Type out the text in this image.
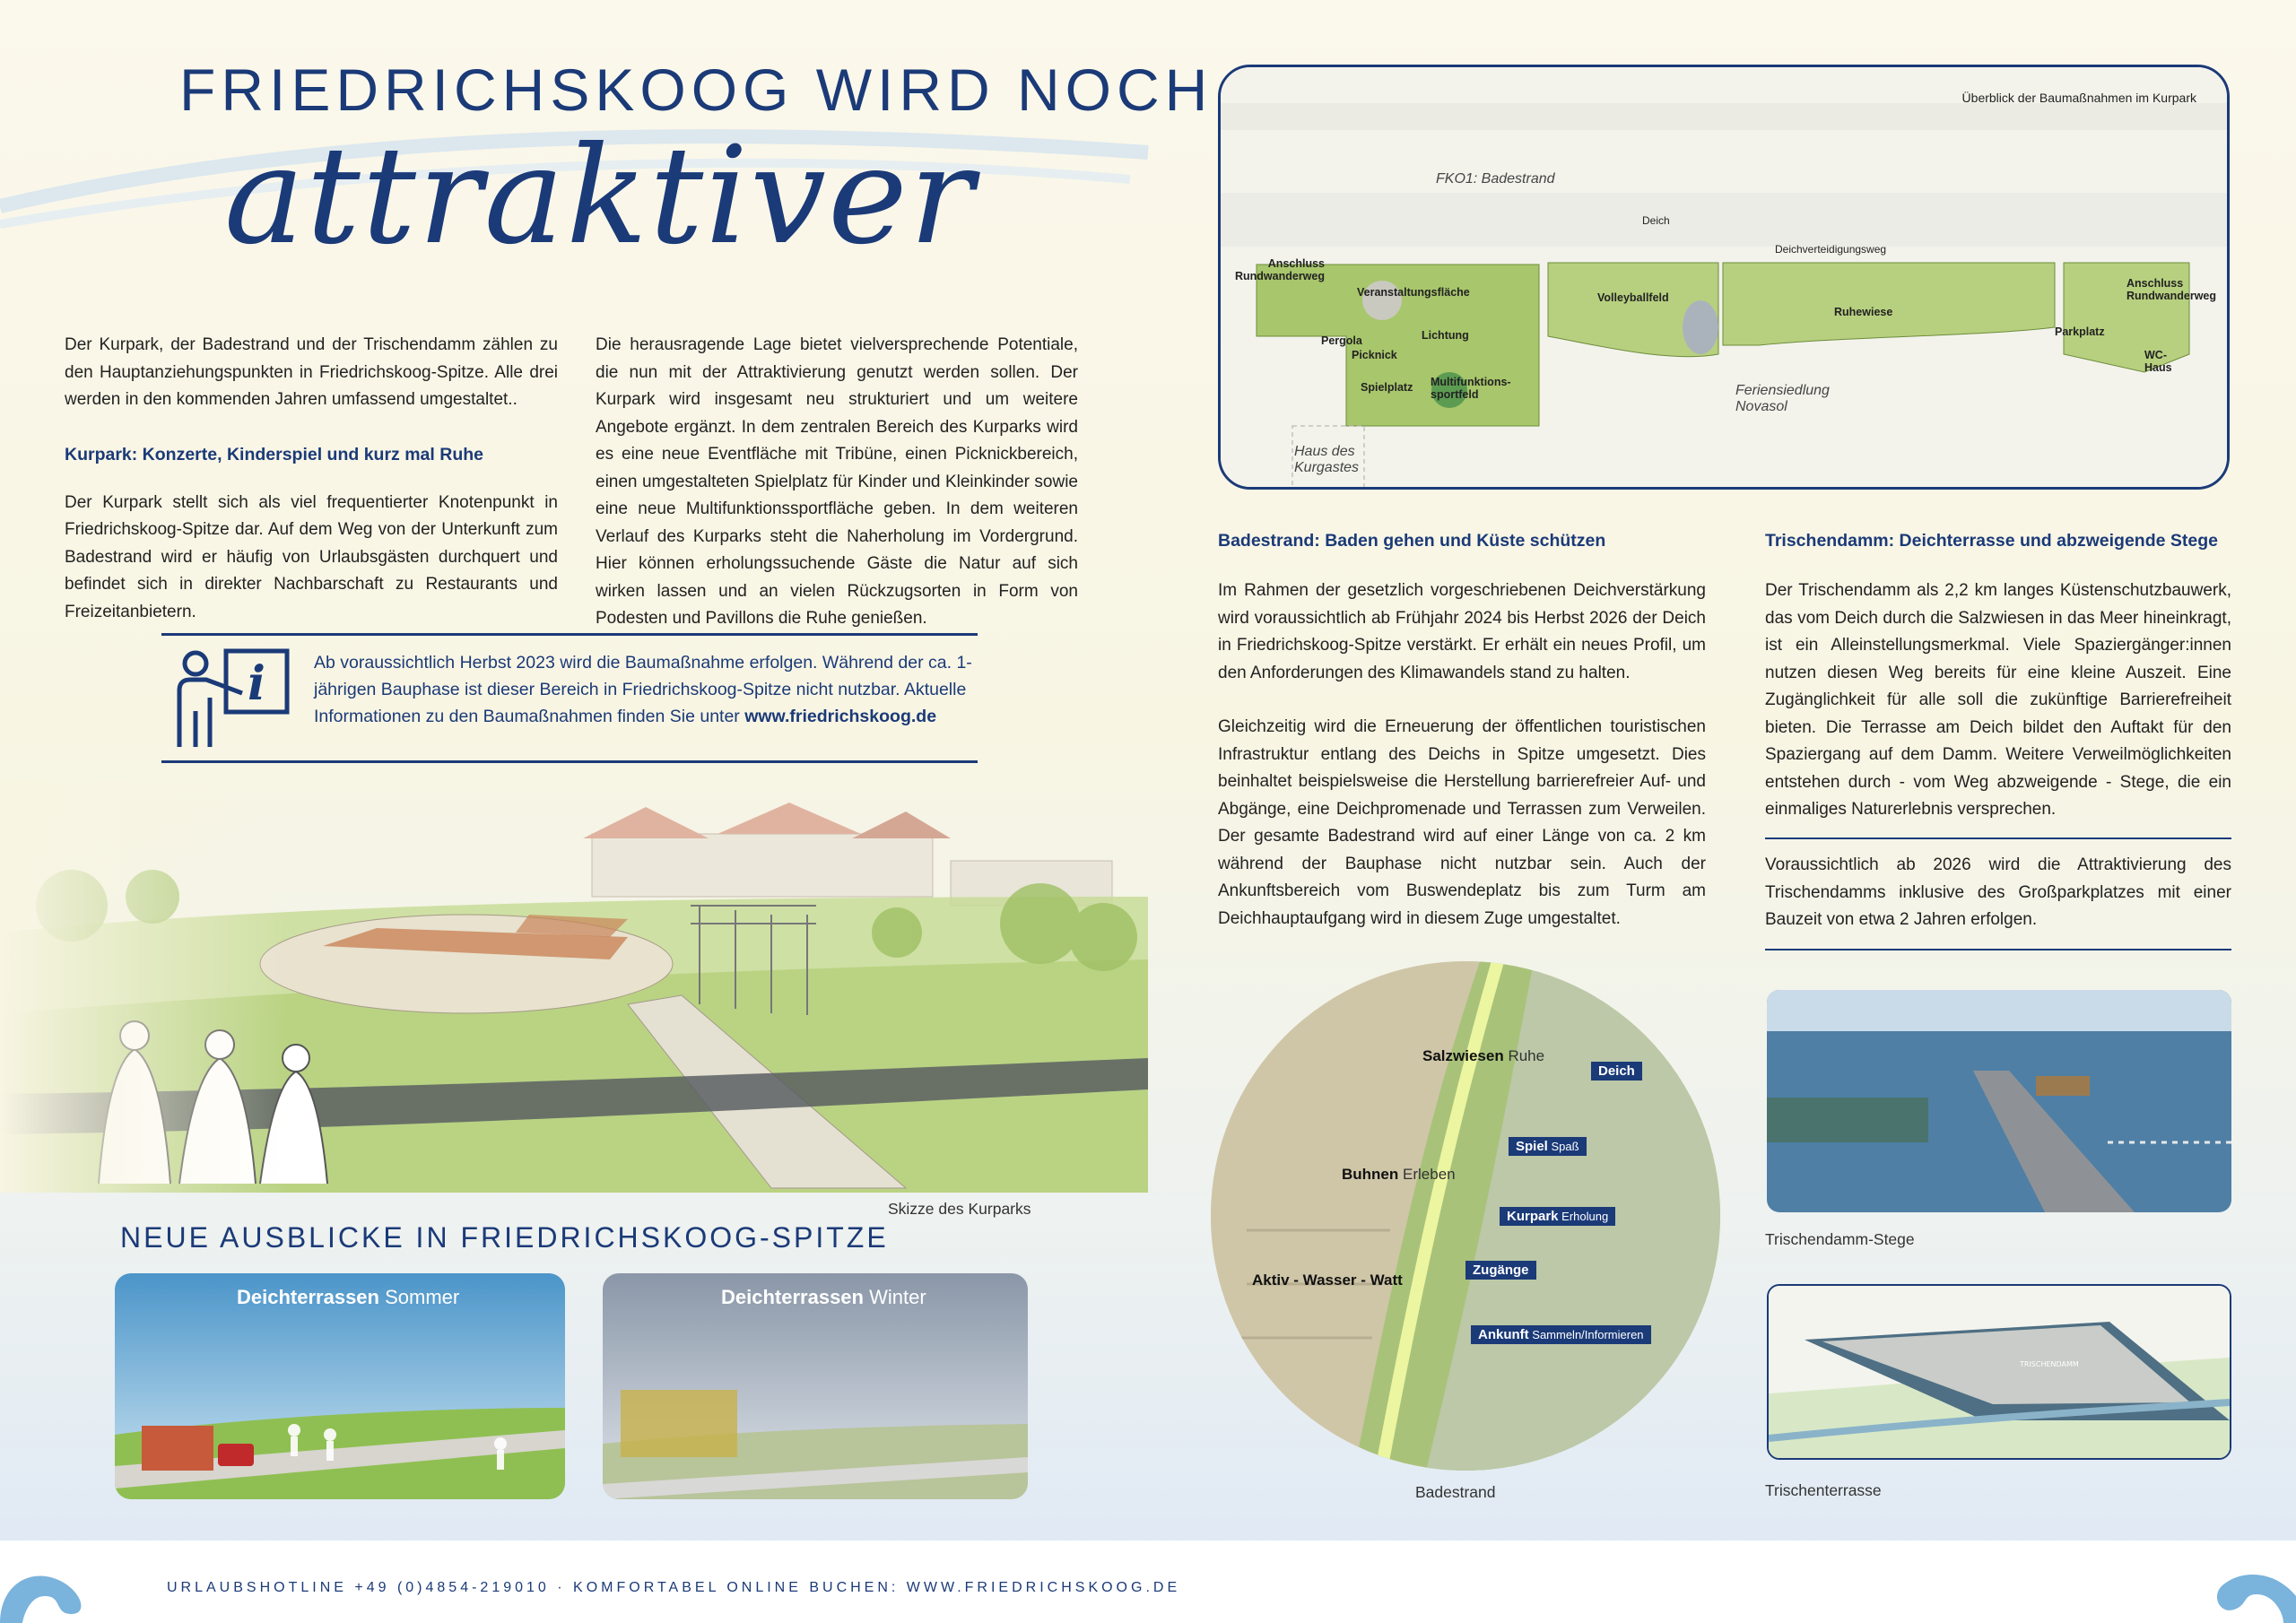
FRIEDRICHSKOOG WIRD NOCH
attraktiver

Der Kurpark, der Badestrand und der Trischendamm zählen zu den Hauptanziehungspunkten in Friedrichskoog-Spitze. Alle drei werden in den kommenden Jahren umfassend umgestaltet..

Kurpark: Konzerte, Kinderspiel und kurz mal Ruhe

Der Kurpark stellt sich als viel frequentierter Knotenpunkt in Friedrichskoog-Spitze dar. Auf dem Weg von der Unterkunft zum Badestrand wird er häufig von Urlaubsgästen durchquert und befindet sich in direkter Nachbarschaft zu Restaurants und Freizeitanbietern.

Die herausragende Lage bietet vielversprechende Potentiale, die nun mit der Attraktivierung genutzt werden sollen. Der Kurpark wird insgesamt neu strukturiert und um weitere Angebote ergänzt. In dem zentralen Bereich des Kurparks wird es eine neue Eventfläche mit Tribüne, einen Picknickbereich, einen umgestalteten Spielplatz für Kinder und Kleinkinder sowie eine neue Multifunktionssportfläche geben. In dem weiteren Verlauf des Kurparks steht die Naherholung im Vordergrund. Hier können erholungssuchende Gäste die Natur auf sich wirken lassen und an vielen Rückzugsorten in Form von Podesten und Pavillons die Ruhe genießen.

i	Ab voraussichtlich Herbst 2023 wird die Baumaßnahme erfolgen. Während der ca. 1-jährigen Bauphase ist dieser Bereich in Friedrichskoog-Spitze nicht nutzbar. Aktuelle Informationen zu den Baumaßnahmen finden Sie unter www.friedrichskoog.de
Skizze des Kurparks
NEUE AUSBLICKE IN FRIEDRICHSKOOG-SPITZE
Deichterrassen Sommer	Deichterrassen Winter
Überblick der Baumaßnahmen im Kurpark
FKO1: Badestrand
Deich
Deichverteidigungsweg
Anschluss Rundwanderweg
Veranstaltungsfläche
Pergola
Picknick
Lichtung
Spielplatz Multifunktions-sportfeld
Volleyballfeld
Ruhewiese
Parkplatz
Anschluss Rundwanderweg
WC-Haus
Feriensiedlung Novasol
Haus des Kurgastes

Badestrand: Baden gehen und Küste schützen

Im Rahmen der gesetzlich vorgeschriebenen Deichverstärkung wird voraussichtlich ab Frühjahr 2024 bis Herbst 2026 der Deich in Friedrichskoog-Spitze verstärkt. Er erhält ein neues Profil, um den Anforderungen des Klimawandels stand zu halten.

Gleichzeitig wird die Erneuerung der öffentlichen touristischen Infrastruktur entlang des Deichs in Spitze umgesetzt. Dies beinhaltet beispielsweise die Herstellung barrierefreier Auf- und Abgänge, eine Deichpromenade und Terrassen zum Verweilen. Der gesamte Badestrand wird auf einer Länge von ca. 2 km während der Bauphase nicht nutzbar sein. Auch der Ankunftsbereich vom Buswendeplatz bis zum Turm am Deichhauptaufgang wird in diesem Zuge umgestaltet.

Trischendamm: Deichterrasse und abzweigende Stege

Der Trischendamm als 2,2 km langes Küstenschutzbauwerk, das vom Deich durch die Salzwiesen in das Meer hineinkragt, ist ein Alleinstellungsmerkmal. Viele Spaziergänger:innen nutzen diesen Weg bereits für eine kleine Auszeit. Eine Zugänglichkeit für alle soll die zukünftige Barrierefreiheit bieten. Die Terrasse am Deich bildet den Auftakt für den Spaziergang auf dem Damm. Weitere Verweilmöglichkeiten entstehen durch - vom Weg abzweigende - Stege, die ein einmaliges Naturerlebnis versprechen.

Voraussichtlich ab 2026 wird die Attraktivierung des Trischendamms inklusive des Großparkplatzes mit einer Bauzeit von etwa 2 Jahren erfolgen.

Salzwiesen Ruhe
Buhnen Erleben
Aktiv - Wasser - Watt
Deich
Spiel Spaß
Kurpark Erholung
Zugänge
Ankunft Sammeln/Informieren
Badestrand
Trischendamm-Stege
TRISCHENDAMM
Trischenterrasse
URLAUBSHOTLINE +49 (0)4854-219010 · KOMFORTABEL ONLINE BUCHEN: WWW.FRIEDRICHSKOOG.DE
